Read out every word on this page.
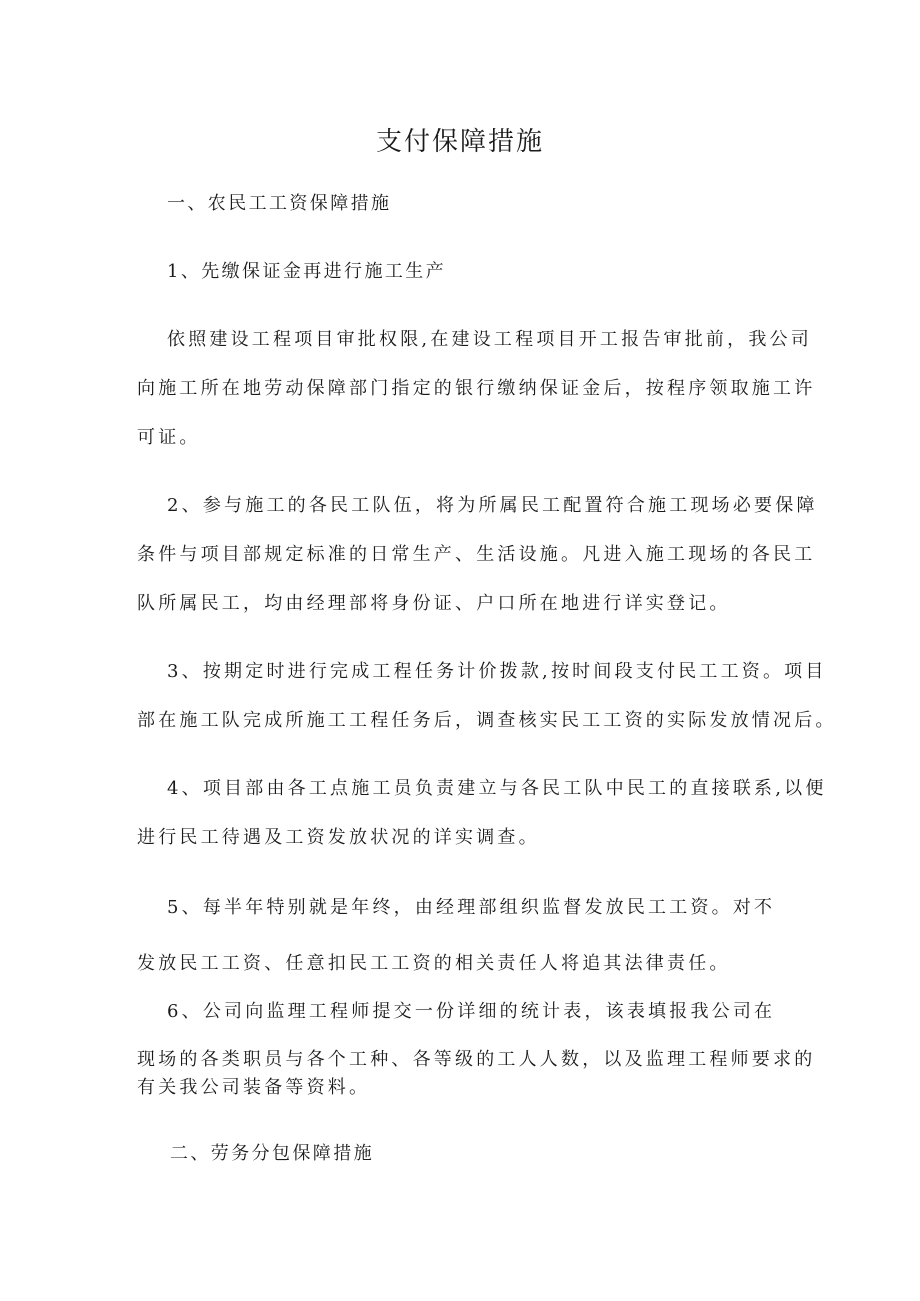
支付保障措施
一、农民工工资保障措施
1、先缴保证金再进行施工生产
依照建设工程项目审批权限,在建设工程项目开工报告审批前，我公司
向施工所在地劳动保障部门指定的银行缴纳保证金后，按程序领取施工许
可证。
2、参与施工的各民工队伍，将为所属民工配置符合施工现场必要保障
条件与项目部规定标准的日常生产、生活设施。凡进入施工现场的各民工
队所属民工，均由经理部将身份证、户口所在地进行详实登记。
3、按期定时进行完成工程任务计价拨款,按时间段支付民工工资。项目
部在施工队完成所施工工程任务后，调查核实民工工资的实际发放情况后。
4、项目部由各工点施工员负责建立与各民工队中民工的直接联系,以便
进行民工待遇及工资发放状况的详实调查。
5、每半年特别就是年终，由经理部组织监督发放民工工资。对不
发放民工工资、任意扣民工工资的相关责任人将追其法律责任。
6、公司向监理工程师提交一份详细的统计表，该表填报我公司在
现场的各类职员与各个工种、各等级的工人人数，以及监理工程师要求的
有关我公司装备等资料。
二、劳务分包保障措施
